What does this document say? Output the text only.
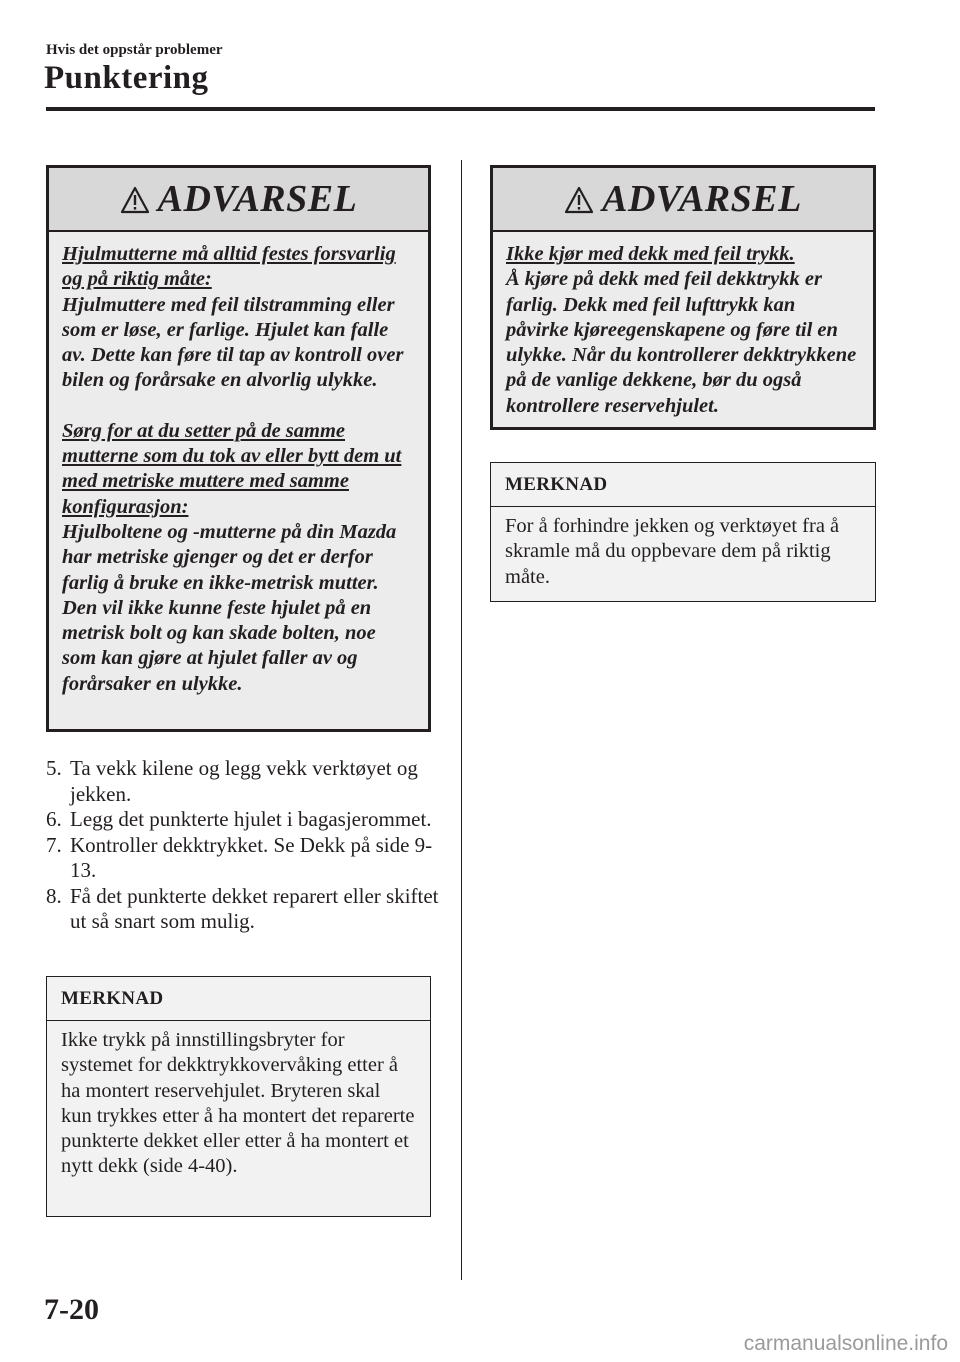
Hvis det oppstår problemer
Punktering
ADVARSEL
Hjulmutterne må alltid festes forsvarlig og på riktig måte:
Hjulmuttere med feil tilstramming eller som er løse, er farlige. Hjulet kan falle av. Dette kan føre til tap av kontroll over bilen og forårsake en alvorlig ulykke.
Sørg for at du setter på de samme mutterne som du tok av eller bytt dem ut med metriske muttere med samme konfigurasjon:
Hjulboltene og -mutterne på din Mazda har metriske gjenger og det er derfor farlig å bruke en ikke-metrisk mutter. Den vil ikke kunne feste hjulet på en metrisk bolt og kan skade bolten, noe som kan gjøre at hjulet faller av og forårsaker en ulykke.
5. Ta vekk kilene og legg vekk verktøyet og jekken.
6. Legg det punkterte hjulet i bagasjerommet.
7. Kontroller dekktrykket. Se Dekk på side 9-13.
8. Få det punkterte dekket reparert eller skiftet ut så snart som mulig.
MERKNAD
Ikke trykk på innstillingsbryter for systemet for dekktrykkovervåking etter å ha montert reservehjulet. Bryteren skal kun trykkes etter å ha montert det reparerte punkterte dekket eller etter å ha montert et nytt dekk (side 4-40).
ADVARSEL
Ikke kjør med dekk med feil trykk.
Å kjøre på dekk med feil dekktrykk er farlig. Dekk med feil lufttrykk kan påvirke kjøreegenskapene og føre til en ulykke. Når du kontrollerer dekktrykkene på de vanlige dekkene, bør du også kontrollere reservehjulet.
MERKNAD
For å forhindre jekken og verktøyet fra å skramle må du oppbevare dem på riktig måte.
7-20
carmanualsonline.info
